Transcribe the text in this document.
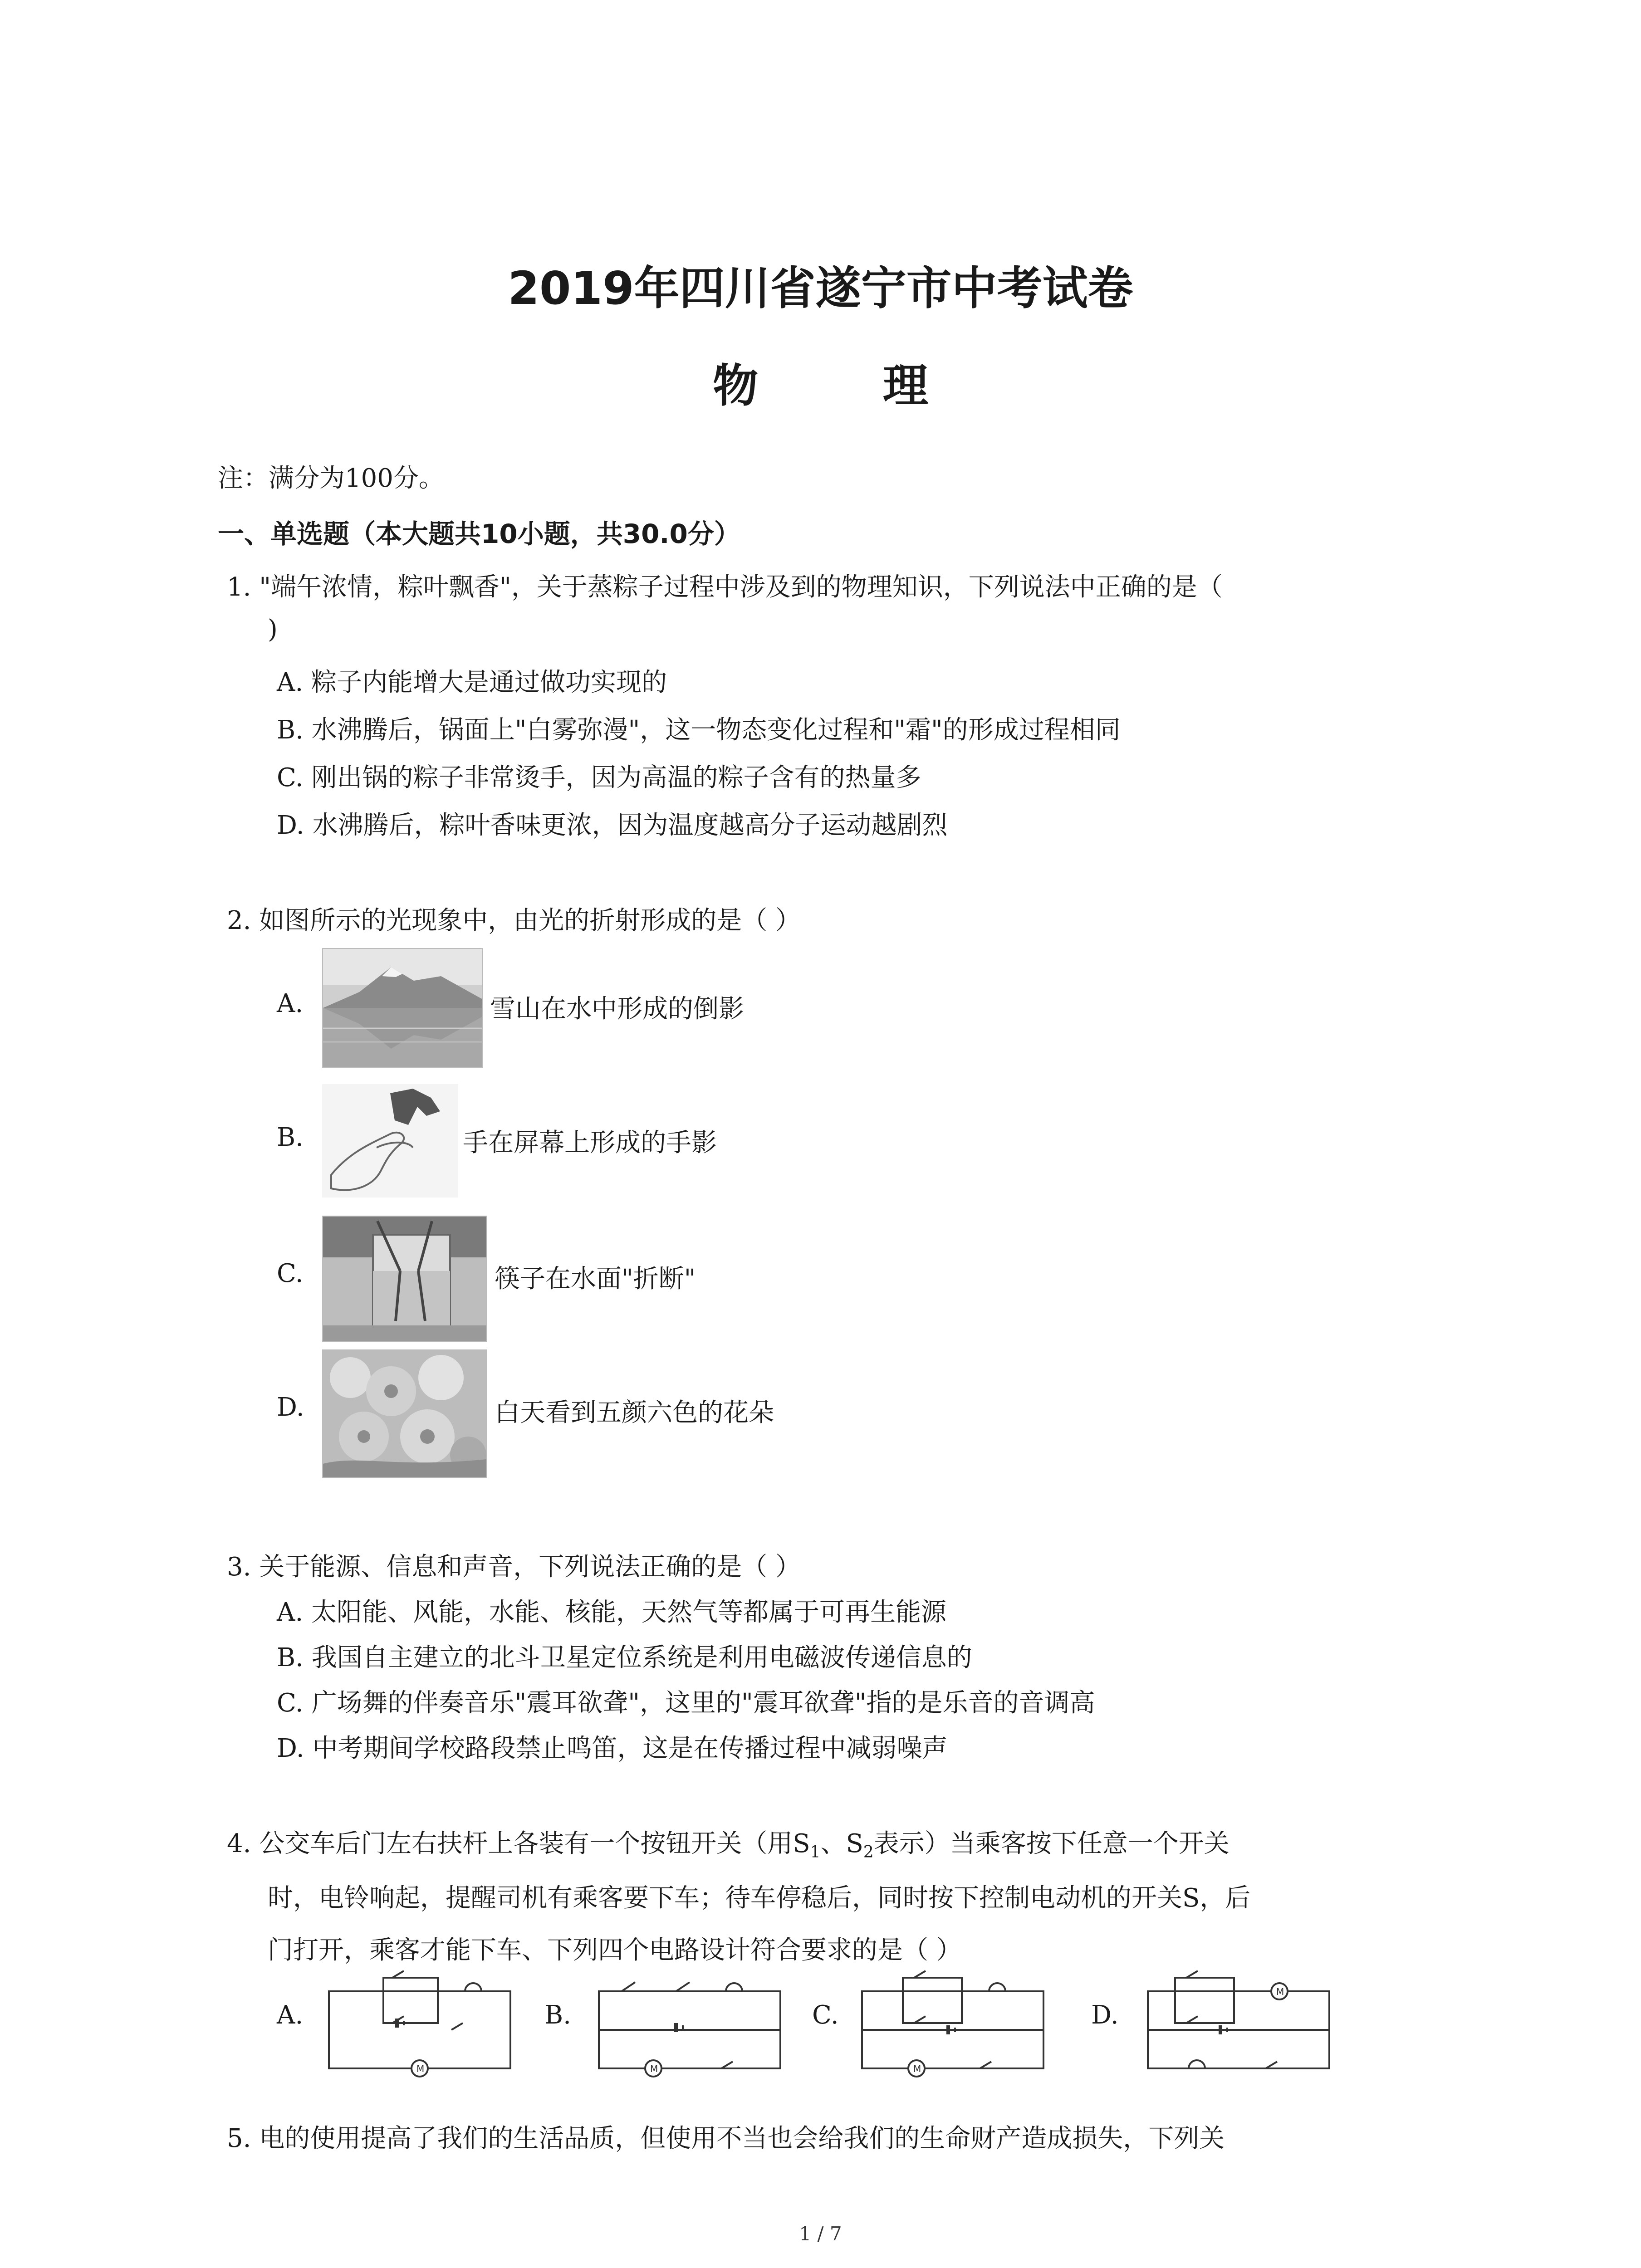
2019年四川省遂宁市中考试卷
物 理
注：满分为100分。
一、单选题（本大题共10小题，共30.0分）
1. "端午浓情，粽叶飘香"，关于蒸粽子过程中涉及到的物理知识，下列说法中正确的是（
)
A. 粽子内能增大是通过做功实现的
B. 水沸腾后，锅面上"白雾弥漫"，这一物态变化过程和"霜"的形成过程相同
C. 刚出锅的粽子非常烫手，因为高温的粽子含有的热量多
D. 水沸腾后，粽叶香味更浓，因为温度越高分子运动越剧烈
2. 如图所示的光现象中，由光的折射形成的是（ ）
A.	雪山在水中形成的倒影
B.	手在屏幕上形成的手影
C.	筷子在水面"折断"
D.	白天看到五颜六色的花朵
3. 关于能源、信息和声音，下列说法正确的是（ ）
A. 太阳能、风能，水能、核能，天然气等都属于可再生能源
B. 我国自主建立的北斗卫星定位系统是利用电磁波传递信息的
C. 广场舞的伴奏音乐"震耳欲聋"，这里的"震耳欲聋"指的是乐音的音调高
D. 中考期间学校路段禁止鸣笛，这是在传播过程中减弱噪声
4. 公交车后门左右扶杆上各装有一个按钮开关（用$S_1$、$S_2$表示）当乘客按下任意一个开关
时，电铃响起，提醒司机有乘客要下车；待车停稳后，同时按下控制电动机的开关S，后
门打开，乘客才能下车、下列四个电路设计符合要求的是（ ）
A.
M
B.
M
C.
M
D.
M
5. 电的使用提高了我们的生活品质，但使用不当也会给我们的生命财产造成损失，下列关
1 / 7
